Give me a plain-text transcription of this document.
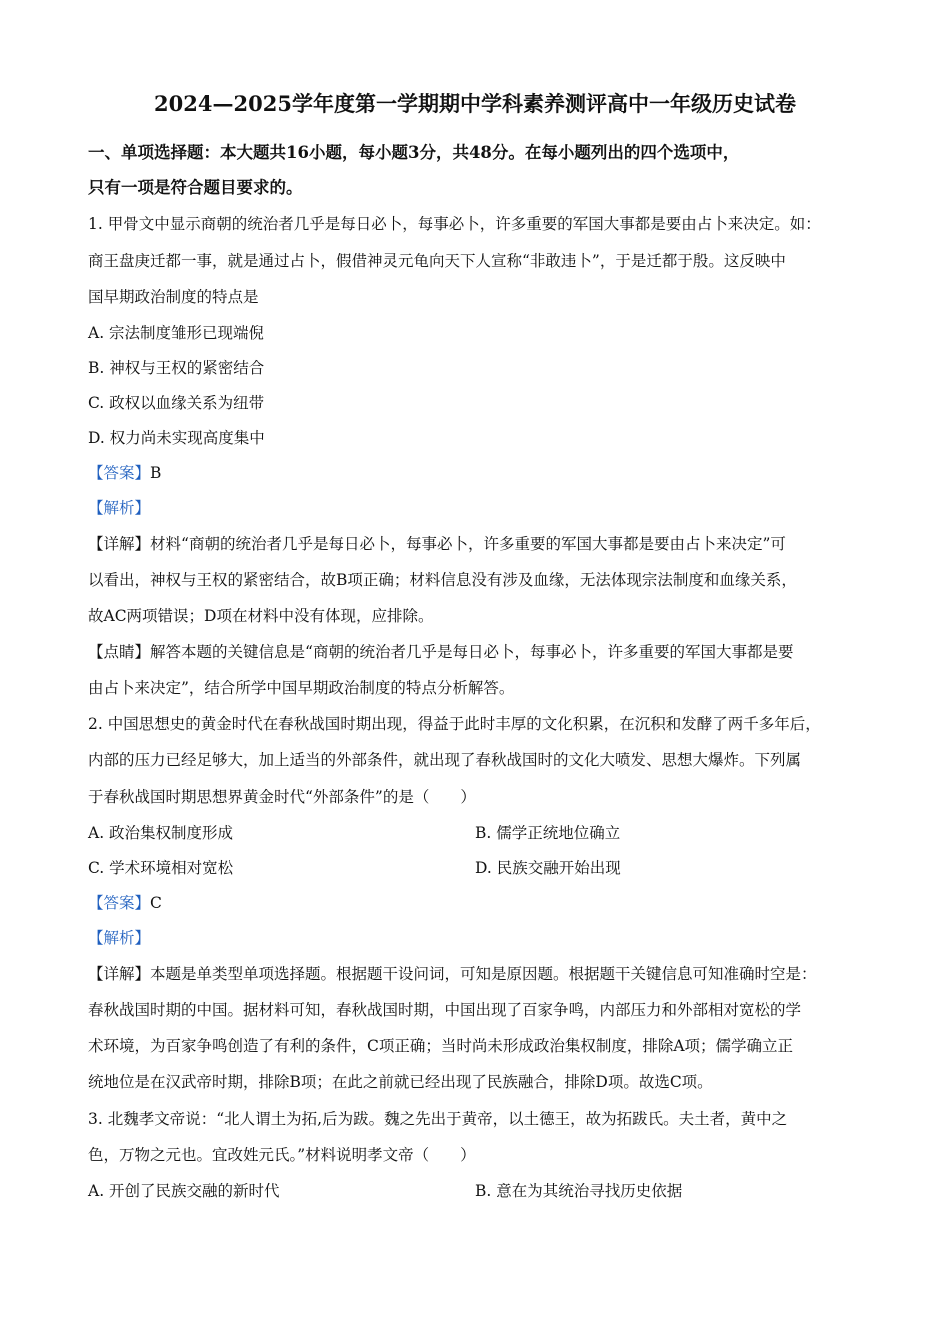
2024—2025学年度第一学期期中学科素养测评高中一年级历史试卷
一、单项选择题：本大题共16小题，每小题3分，共48分。在每小题列出的四个选项中，
只有一项是符合题目要求的。
1. 甲骨文中显示商朝的统治者几乎是每日必卜，每事必卜，许多重要的军国大事都是要由占卜来决定。如：
商王盘庚迁都一事，就是通过占卜，假借神灵元龟向天下人宣称“非敢违卜”，于是迁都于殷。这反映中
国早期政治制度的特点是
A. 宗法制度雏形已现端倪
B. 神权与王权的紧密结合
C. 政权以血缘关系为纽带
D. 权力尚未实现高度集中
【答案】B
【解析】
【详解】材料“商朝的统治者几乎是每日必卜，每事必卜，许多重要的军国大事都是要由占卜来决定”可
以看出，神权与王权的紧密结合，故B项正确；材料信息没有涉及血缘，无法体现宗法制度和血缘关系，
故AC两项错误；D项在材料中没有体现，应排除。
【点睛】解答本题的关键信息是“商朝的统治者几乎是每日必卜，每事必卜，许多重要的军国大事都是要
由占卜来决定”，结合所学中国早期政治制度的特点分析解答。
2. 中国思想史的黄金时代在春秋战国时期出现，得益于此时丰厚的文化积累，在沉积和发酵了两千多年后，
内部的压力已经足够大，加上适当的外部条件，就出现了春秋战国时的文化大喷发、思想大爆炸。下列属
于春秋战国时期思想界黄金时代“外部条件”的是（　　）
A. 政治集权制度形成	B. 儒学正统地位确立
C. 学术环境相对宽松	D. 民族交融开始出现
【答案】C
【解析】
【详解】本题是单类型单项选择题。根据题干设问词，可知是原因题。根据题干关键信息可知准确时空是：
春秋战国时期的中国。据材料可知，春秋战国时期，中国出现了百家争鸣，内部压力和外部相对宽松的学
术环境，为百家争鸣创造了有利的条件，C项正确；当时尚未形成政治集权制度，排除A项；儒学确立正
统地位是在汉武帝时期，排除B项；在此之前就已经出现了民族融合，排除D项。故选C项。
3. 北魏孝文帝说：“北人谓土为拓,后为跋。魏之先出于黄帝，以土德王，故为拓跋氏。夫土者，黄中之
色，万物之元也。宜改姓元氏。”材料说明孝文帝（　　）
A. 开创了民族交融的新时代	B. 意在为其统治寻找历史依据
